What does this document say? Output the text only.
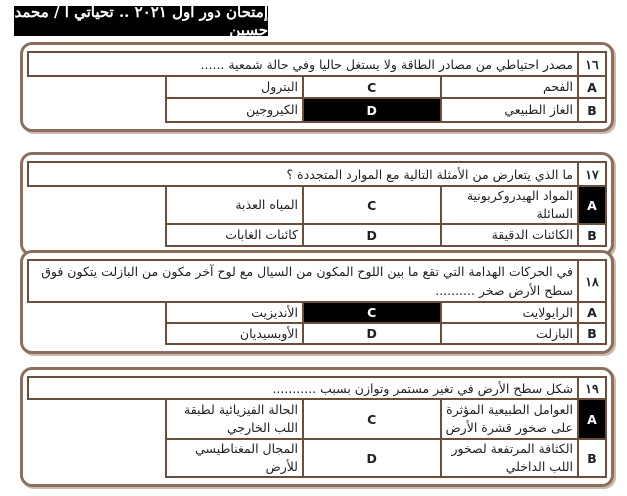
إمتحان دور أول ٢٠٢١ .. تحياتي أ / محمد حسين
١٦	مصدر احتياطي من مصادر الطاقة ولا يستغل حاليا وفي حالة شمعية ......		
A	الفحم	C	البترول
B	الغاز الطبيعي	D	الكيروجين
١٧	ما الذي يتعارض من الأمثلة التالية مع الموارد المتجددة ؟		
A	المواد الهيدروكربونية السائلة	C	المياه العذبة
B	الكائنات الدقيقة	D	كائنات الغابات
١٨	في الحركات الهدامة التي تقع ما بين اللوح المكون من السيال مع لوح آخر مكون من البازلت يتكون فوق سطح الأرض صخر ..........		
A	الرايولايت	C	الأنديزيت
B	البازلت	D	الأوبسيديان
١٩	شكل سطح الأرض في تغير مستمر وتوازن بسبب ...........		
A	العوامل الطبيعية المؤثرة على صخور قشرة الأرض	C	الحالة الفيزيائية لطبقة اللب الخارجي
B	الكثافة المرتفعة لصخور اللب الداخلي	D	المجال المغناطيسي للأرض
